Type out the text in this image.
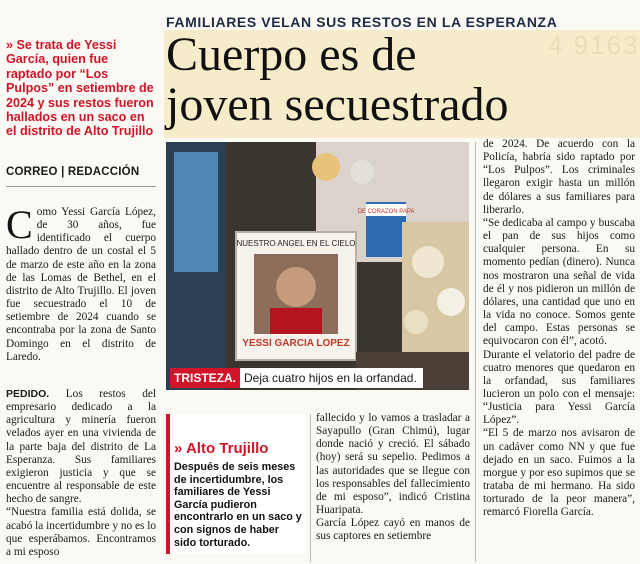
4 9163
FAMILIARES VELAN SUS RESTOS EN LA ESPERANZA
Cuerpo es de
joven secuestrado
» Se trata de Yessi García, quien fue raptado por “Los Pulpos” en setiembre de 2024 y sus restos fueron hallados en un saco en el distrito de Alto Trujillo
CORREO | REDACCIÓN
DE CORAZON PAPA
NUESTRO ANGEL EN EL CIELO
YESSI GARCIA LOPEZ
TRISTEZA. Deja cuatro hijos en la orfandad.
C omo Yessi García López, de 30 años, fue identificado el cuerpo hallado dentro de un costal el 5 de marzo de este año en la zona de las Lomas de Bethel, en el distrito de Alto Trujillo. El joven fue secuestrado el 10 de setiembre de 2024 cuando se encontraba por la zona de Santo Domingo en el distrito de Laredo.

PEDIDO. Los restos del empresario dedicado a la agricultura y minería fueron velados ayer en una vivienda de la parte baja del distrito de La Esperanza. Sus familiares exigieron justicia y que se encuentre al responsable de este hecho de sangre.

“Nuestra familia está dolida, se acabó la incertidumbre y no es lo que esperábamos. Encontramos a mi esposo

» Alto Trujillo
Después de seis meses de incertidumbre, los familiares de Yessi García pudieron encontrarlo en un saco y con signos de haber sido torturado.

fallecido y lo vamos a trasladar a Sayapullo (Gran Chimú), lugar donde nació y creció. El sábado (hoy) será su sepelio. Pedimos a las autoridades que se llegue con los responsables del fallecimiento de mi esposo”, indicó Cristina Huaripata.

García López cayó en manos de sus captores en setiembre

de 2024. De acuerdo con la Policía, habría sido raptado por “Los Pulpos”. Los criminales llegaron exigir hasta un millón de dólares a sus familiares para liberarlo.

“Se dedicaba al campo y buscaba el pan de sus hijos como cualquier persona. En su momento pedían (dinero). Nunca nos mostraron una señal de vida de él y nos pidieron un millón de dólares, una cantidad que uno en la vida no conoce. Somos gente del campo. Estas personas se equivocaron con él”, acotó.

Durante el velatorio del padre de cuatro menores que quedaron en la orfandad, sus familiares lucieron un polo con el mensaje: “Justicia para Yessi García López”.

“El 5 de marzo nos avisaron de un cadáver como NN y que fue dejado en un saco. Fuimos a la morgue y por eso supimos que se trataba de mi hermano. Ha sido torturado de la peor manera”, remarcó Fiorella García.
